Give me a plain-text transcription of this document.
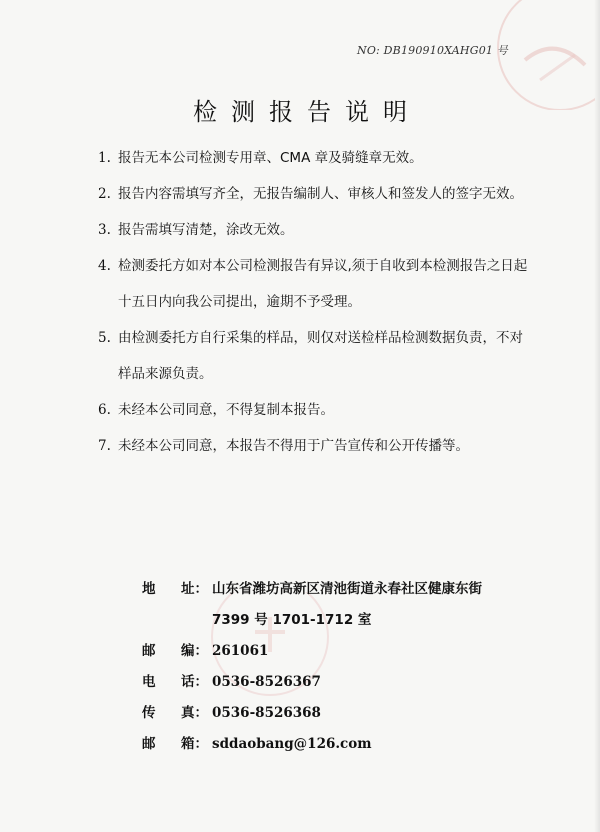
NO: DB190910XAHG01 号
检测报告说明
1. 报告无本公司检测专用章、CMA 章及骑缝章无效。
2. 报告内容需填写齐全，无报告编制人、审核人和签发人的签字无效。
3. 报告需填写清楚，涂改无效。
4. 检测委托方如对本公司检测报告有异议,须于自收到本检测报告之日起十五日内向我公司提出，逾期不予受理。
5. 由检测委托方自行采集的样品，则仅对送检样品检测数据负责，不对样品来源负责。
6. 未经本公司同意，不得复制本报告。
7. 未经本公司同意，本报告不得用于广告宣传和公开传播等。
地 址： 山东省潍坊高新区清池街道永春社区健康东街
7399 号 1701-1712 室
邮 编： 261061
电 话： 0536-8526367
传 真： 0536-8526368
邮 箱： sddaobang@126.com
